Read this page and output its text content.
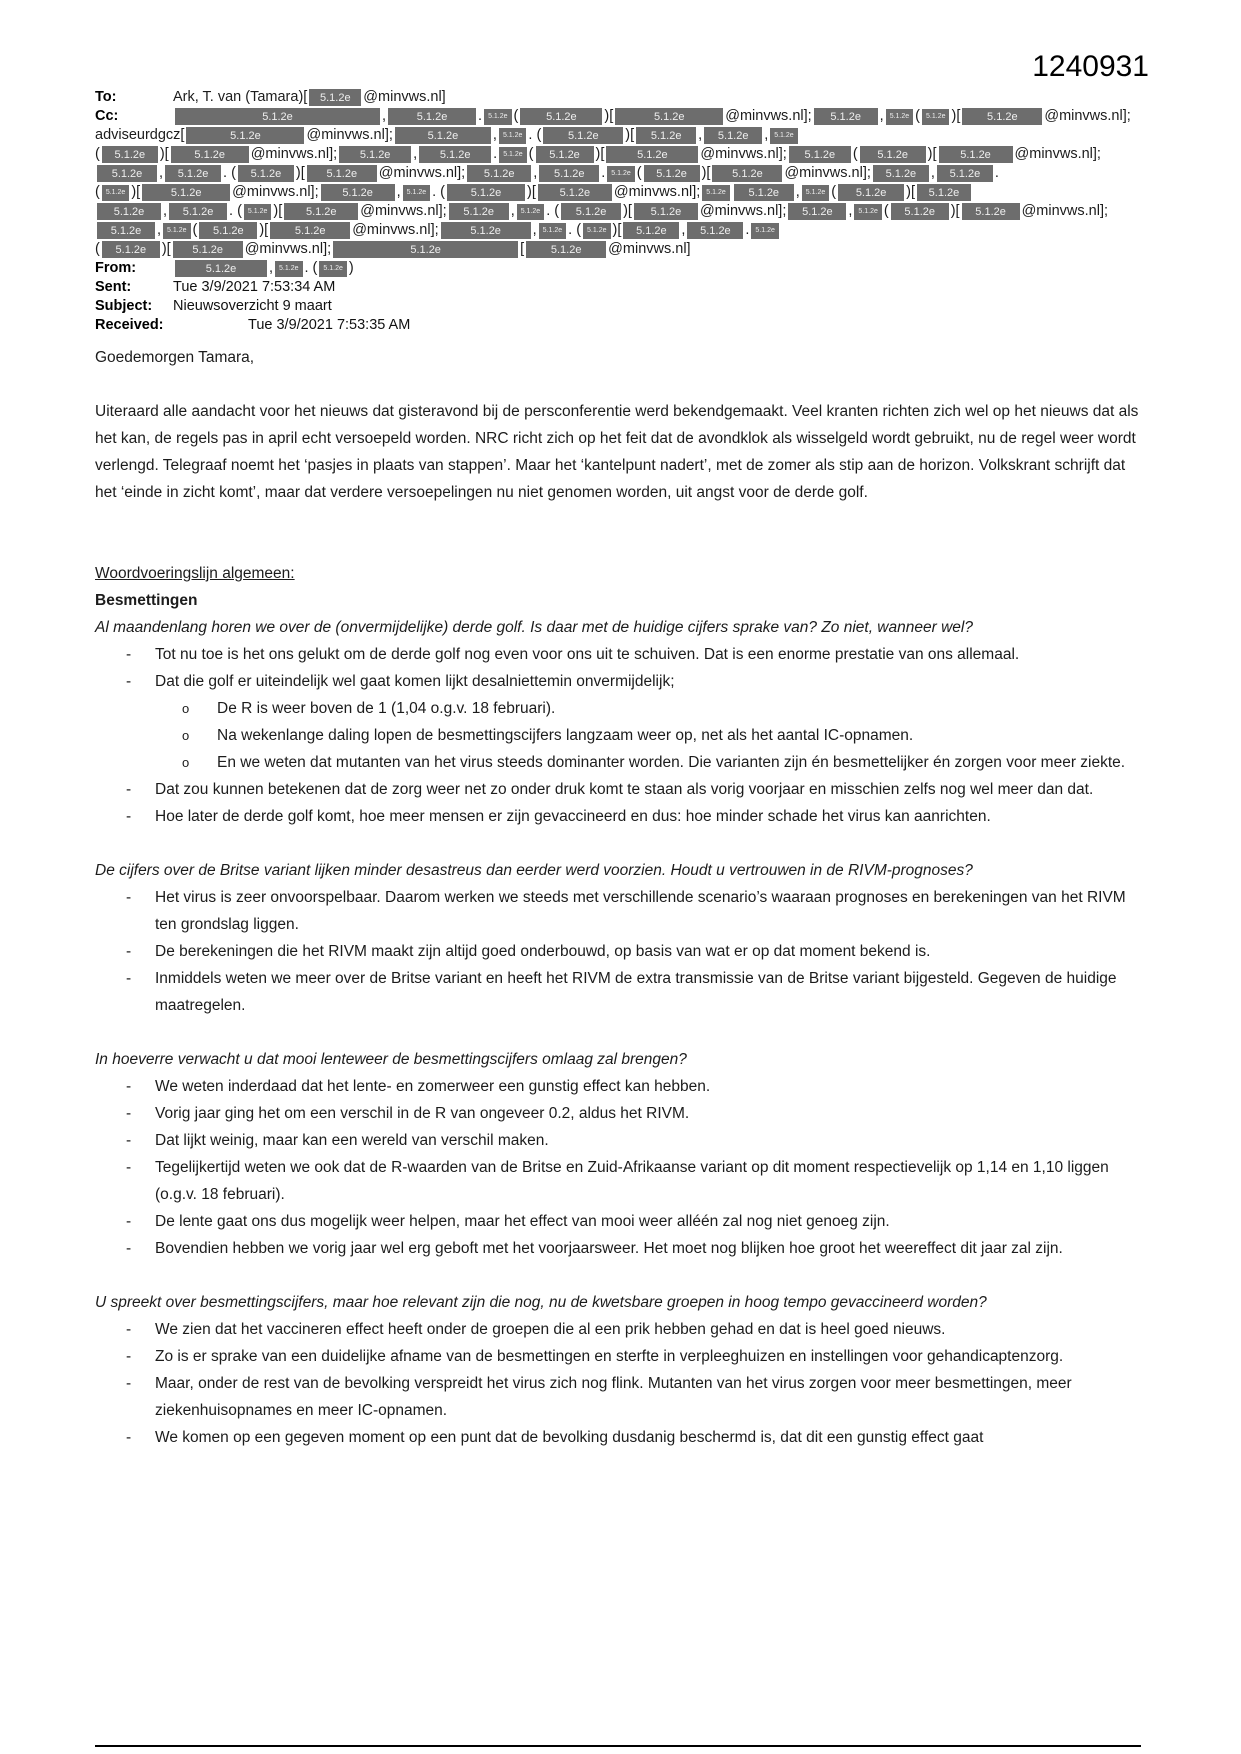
1240931
To:	Ark, T. van (Tamara)[	5.1.2e @minvws.nl]
Cc:	5.1.2e	,	5.1.2e	. 5.1.2e (	5.1.2e	)[	5.1.2e	@minvws.nl];	5.1.2e	, 5.1.2e ( 5.1.2e )[	5.1.2e	@minvws.nl];
adviseurdgcz[	5.1.2e	@minvws.nl];	5.1.2e	, 5.1.2e . (	5.1.2e	)[	5.1.2e	,	5.1.2e	, 5.1.2e
(	5.1.2e	)[	5.1.2e	@minvws.nl];	5.1.2e	,	5.1.2e	. 5.1.2e (	5.1.2e	)[	5.1.2e	@minvws.nl];	5.1.2e	(	5.1.2e	)[	5.1.2e	@minvws.nl];
5.1.2e	,	5.1.2e	. (	5.1.2e	)[	5.1.2e	@minvws.nl];	5.1.2e	,	5.1.2e	. 5.1.2e (	5.1.2e	)[	5.1.2e	@minvws.nl];	5.1.2e	,	5.1.2e	.
( 5.1.2e )[	5.1.2e	@minvws.nl];	5.1.2e	, 5.1.2e . (	5.1.2e	)[	5.1.2e	@minvws.nl]; 5.1.2e	5.1.2e	, 5.1.2e (	5.1.2e	)[	5.1.2e
5.1.2e	,	5.1.2e	. ( 5.1.2e )[	5.1.2e	@minvws.nl];	5.1.2e	, 5.1.2e . (	5.1.2e	)[	5.1.2e	@minvws.nl];	5.1.2e	, 5.1.2e (	5.1.2e	)[	5.1.2e	@minvws.nl];
5.1.2e	, 5.1.2e (	5.1.2e	)[	5.1.2e	@minvws.nl];	5.1.2e	, 5.1.2e . ( 5.1.2e )[	5.1.2e	,	5.1.2e	. 5.1.2e
(	5.1.2e	)[	5.1.2e	@minvws.nl];	5.1.2e	[	5.1.2e	@minvws.nl]
From:	5.1.2e	, 5.1.2e . ( 5.1.2e )
Sent:	Tue 3/9/2021 7:53:34 AM
Subject:	Nieuwsoverzicht 9 maart
Received:	Tue 3/9/2021 7:53:35 AM

Goedemorgen Tamara,

Uiteraard alle aandacht voor het nieuws dat gisteravond bij de persconferentie werd bekendgemaakt. Veel kranten richten zich wel op het nieuws dat als het kan, de regels pas in april echt versoepeld worden. NRC richt zich op het feit dat de avondklok als wisselgeld wordt gebruikt, nu de regel weer wordt verlengd. Telegraaf noemt het ‘pasjes in plaats van stappen’. Maar het ‘kantelpunt nadert’, met de zomer als stip aan de horizon. Volkskrant schrijft dat het ‘einde in zicht komt’, maar dat verdere versoepelingen nu niet genomen worden, uit angst voor de derde golf.

Woordvoeringslijn algemeen:
Besmettingen
Al maandenlang horen we over de (onvermijdelijke) derde golf. Is daar met de huidige cijfers sprake van? Zo niet, wanneer wel?
- Tot nu toe is het ons gelukt om de derde golf nog even voor ons uit te schuiven. Dat is een enorme prestatie van ons allemaal.
- Dat die golf er uiteindelijk wel gaat komen lijkt desalniettemin onvermijdelijk;
o De R is weer boven de 1 (1,04 o.g.v. 18 februari).
o Na wekenlange daling lopen de besmettingscijfers langzaam weer op, net als het aantal IC-opnamen.
o En we weten dat mutanten van het virus steeds dominanter worden. Die varianten zijn én besmettelijker én zorgen voor meer ziekte.
- Dat zou kunnen betekenen dat de zorg weer net zo onder druk komt te staan als vorig voorjaar en misschien zelfs nog wel meer dan dat.
- Hoe later de derde golf komt, hoe meer mensen er zijn gevaccineerd en dus: hoe minder schade het virus kan aanrichten.
De cijfers over de Britse variant lijken minder desastreus dan eerder werd voorzien. Houdt u vertrouwen in de RIVM-prognoses?
- Het virus is zeer onvoorspelbaar. Daarom werken we steeds met verschillende scenario’s waaraan prognoses en berekeningen van het RIVM ten grondslag liggen.
- De berekeningen die het RIVM maakt zijn altijd goed onderbouwd, op basis van wat er op dat moment bekend is.
- Inmiddels weten we meer over de Britse variant en heeft het RIVM de extra transmissie van de Britse variant bijgesteld. Gegeven de huidige maatregelen.
In hoeverre verwacht u dat mooi lenteweer de besmettingscijfers omlaag zal brengen?
- We weten inderdaad dat het lente- en zomerweer een gunstig effect kan hebben.
- Vorig jaar ging het om een verschil in de R van ongeveer 0.2, aldus het RIVM.
- Dat lijkt weinig, maar kan een wereld van verschil maken.
- Tegelijkertijd weten we ook dat de R-waarden van de Britse en Zuid-Afrikaanse variant op dit moment respectievelijk op 1,14 en 1,10 liggen (o.g.v. 18 februari).
- De lente gaat ons dus mogelijk weer helpen, maar het effect van mooi weer alléén zal nog niet genoeg zijn.
- Bovendien hebben we vorig jaar wel erg geboft met het voorjaarsweer. Het moet nog blijken hoe groot het weereffect dit jaar zal zijn.
U spreekt over besmettingscijfers, maar hoe relevant zijn die nog, nu de kwetsbare groepen in hoog tempo gevaccineerd worden?
- We zien dat het vaccineren effect heeft onder de groepen die al een prik hebben gehad en dat is heel goed nieuws.
- Zo is er sprake van een duidelijke afname van de besmettingen en sterfte in verpleeghuizen en instellingen voor gehandicaptenzorg.
- Maar, onder de rest van de bevolking verspreidt het virus zich nog flink. Mutanten van het virus zorgen voor meer besmettingen, meer ziekenhuisopnames en meer IC-opnamen.
- We komen op een gegeven moment op een punt dat de bevolking dusdanig beschermd is, dat dit een gunstig effect gaat
